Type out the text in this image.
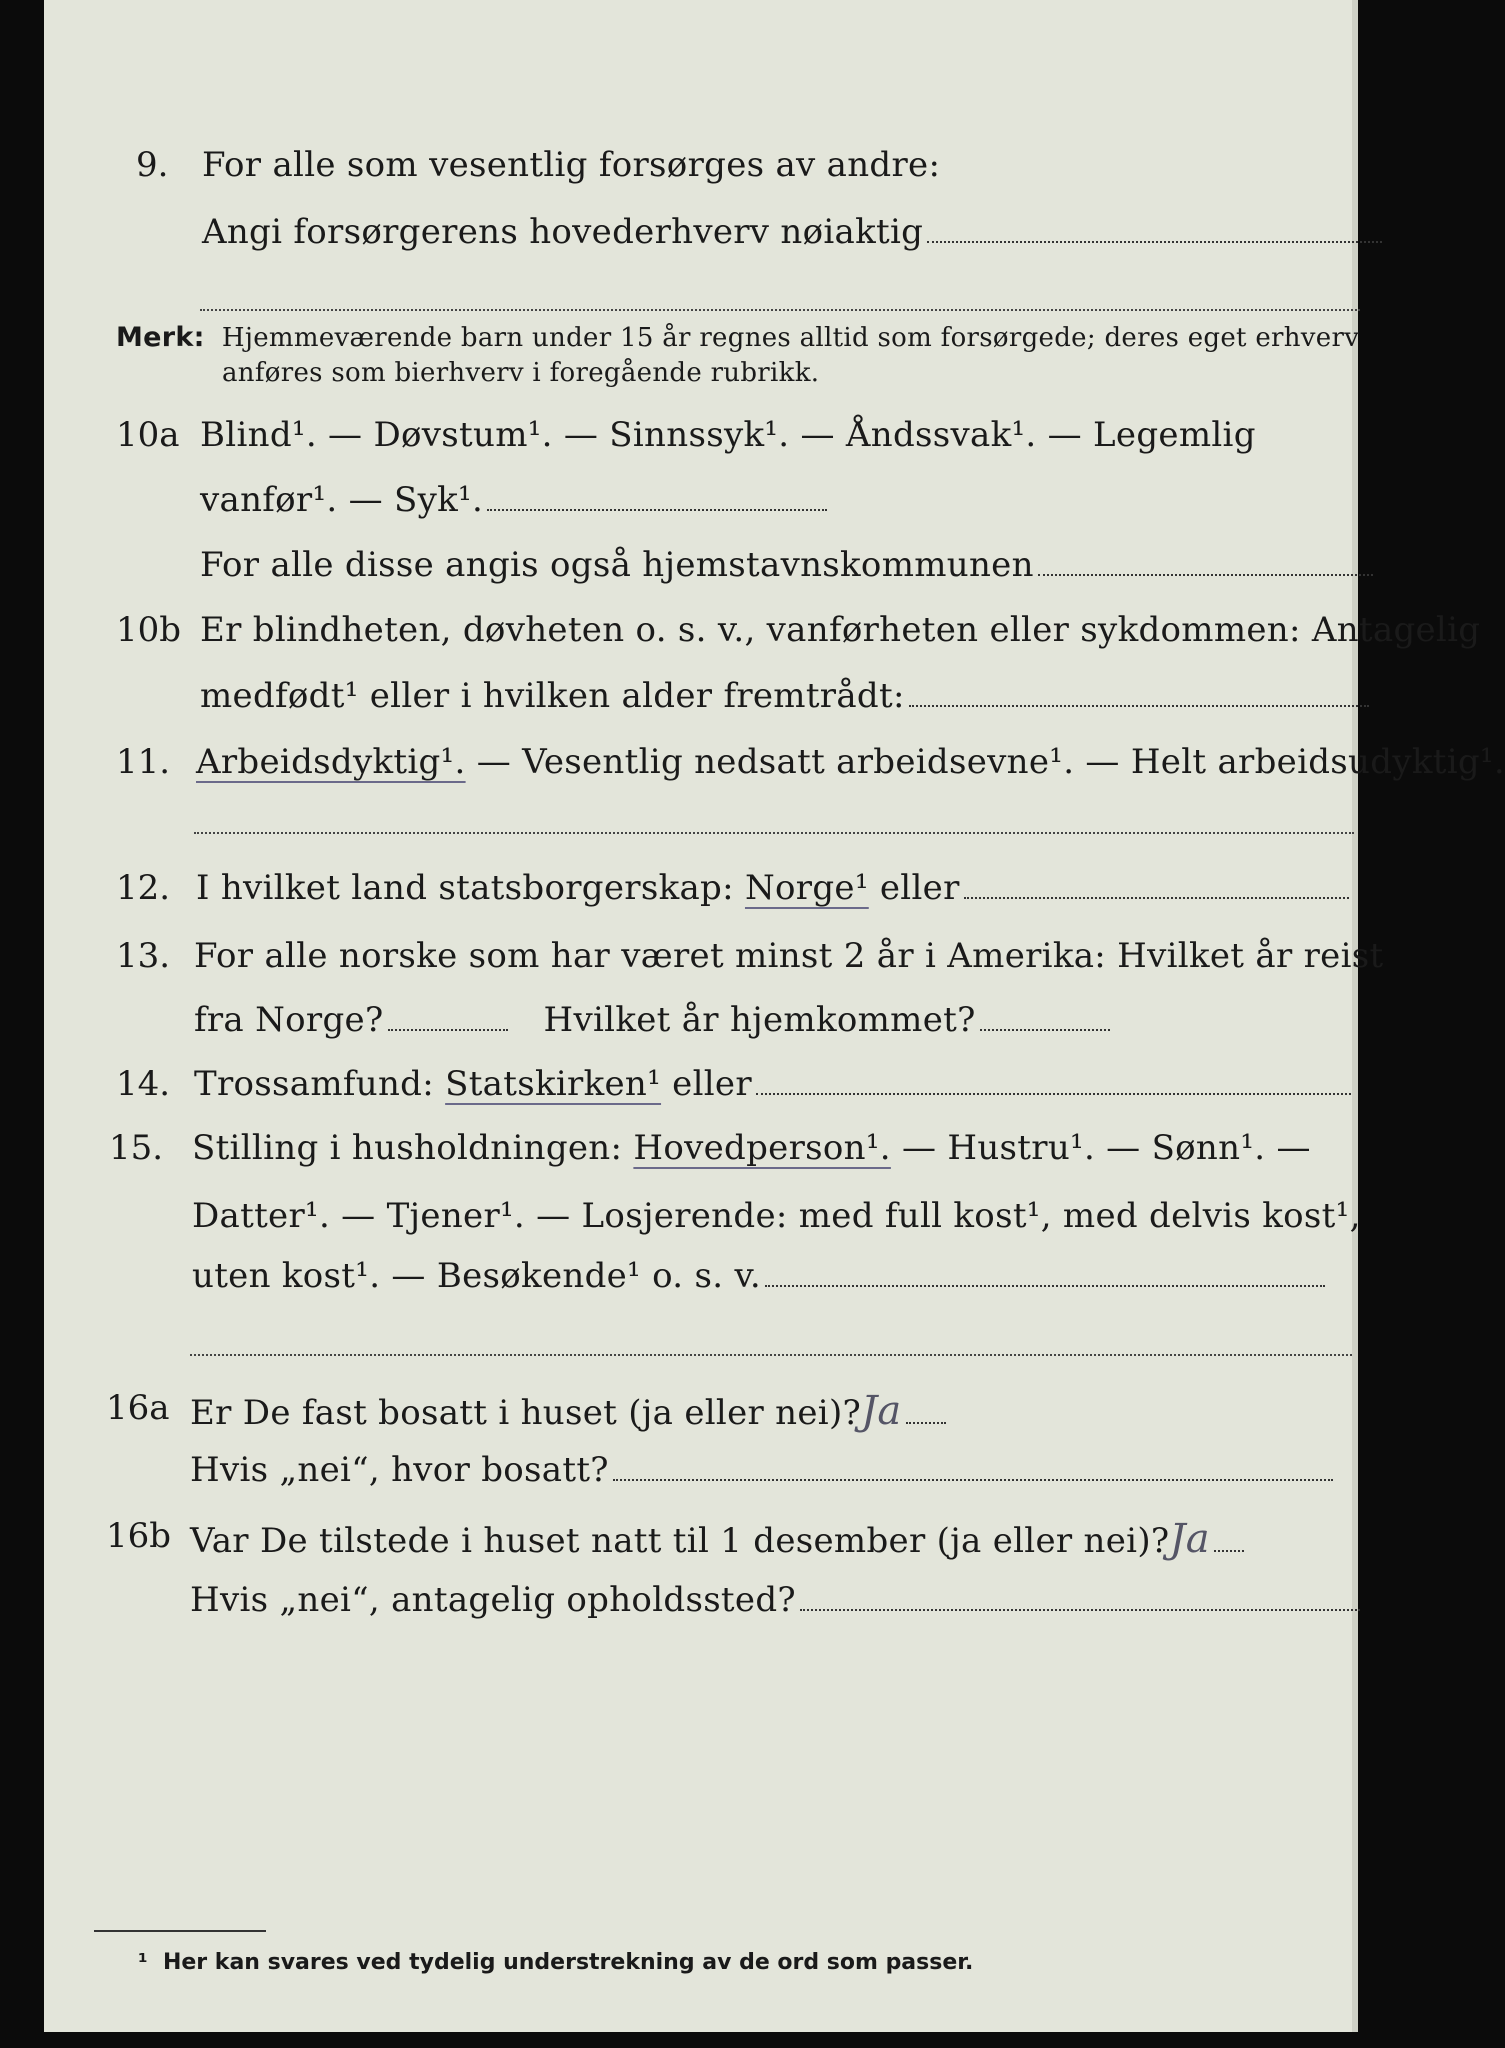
9. For alle som vesentlig forsørges av andre:
Angi forsørgerens hovederhverv nøiaktig
Merk: Hjemmeværende barn under 15 år regnes alltid som forsørgede; deres eget erhverv
anføres som bierhverv i foregående rubrikk.
10a Blind¹. — Døvstum¹. — Sinnssyk¹. — Åndssvak¹. — Legemlig
vanfør¹. — Syk¹.
For alle disse angis også hjemstavnskommunen
10b Er blindheten, døvheten o. s. v., vanførheten eller sykdommen: Antagelig
medfødt¹ eller i hvilken alder fremtrådt:
11. Arbeidsdyktig¹. — Vesentlig nedsatt arbeidsevne¹. — Helt arbeidsudyktig¹.
12. I hvilket land statsborgerskap: Norge¹ eller
13. For alle norske som har været minst 2 år i Amerika: Hvilket år reist
fra Norge?	Hvilket år hjemkommet?
14. Trossamfund: Statskirken¹ eller
15. Stilling i husholdningen: Hovedperson¹. — Hustru¹. — Sønn¹. —
Datter¹. — Tjener¹. — Losjerende: med full kost¹, med delvis kost¹,
uten kost¹. — Besøkende¹ o. s. v.
16a Er De fast bosatt i huset (ja eller nei)?Ja
Hvis „nei“, hvor bosatt?
16b Var De tilstede i huset natt til 1 desember (ja eller nei)?Ja
Hvis „nei“, antagelig opholdssted?
¹ Her kan svares ved tydelig understrekning av de ord som passer.
